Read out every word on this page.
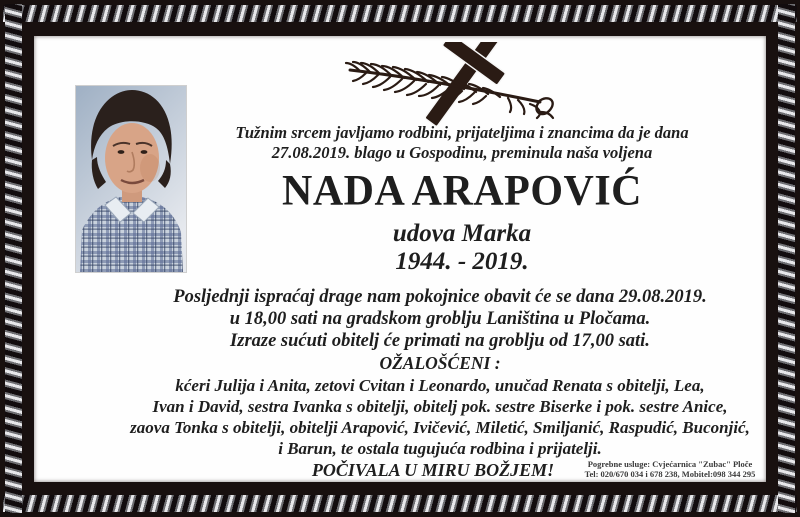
Tužnim srcem javljamo rodbini, prijateljima i znancima da je dana
27.08.2019. blago u Gospodinu, preminula naša voljena
NADA ARAPOVIĆ
udova Marka
1944. - 2019.
Posljednji ispraćaj drage nam pokojnice obavit će se dana 29.08.2019.
u 18,00 sati na gradskom groblju Laniština u Pločama.
Izraze sućuti obitelj će primati na groblju od 17,00 sati.
OŽALOŠĆENI :
kćeri Julija i Anita, zetovi Cvitan i Leonardo, unučad Renata s obitelji, Lea,
Ivan i David, sestra Ivanka s obitelji, obitelj pok. sestre Biserke i pok. sestre Anice,
zaova Tonka s obitelji, obitelji Arapović, Ivičević, Miletić, Smiljanić, Raspudić, Buconjić,
i Barun, te ostala tugujuća rodbina i prijatelji.
POČIVALA U MIRU BOŽJEM!	Pogrebne usluge: Cvjećarnica "Zubac" Ploče
Tel: 020/670 034 i 678 238, Mobitel:098 344 295
